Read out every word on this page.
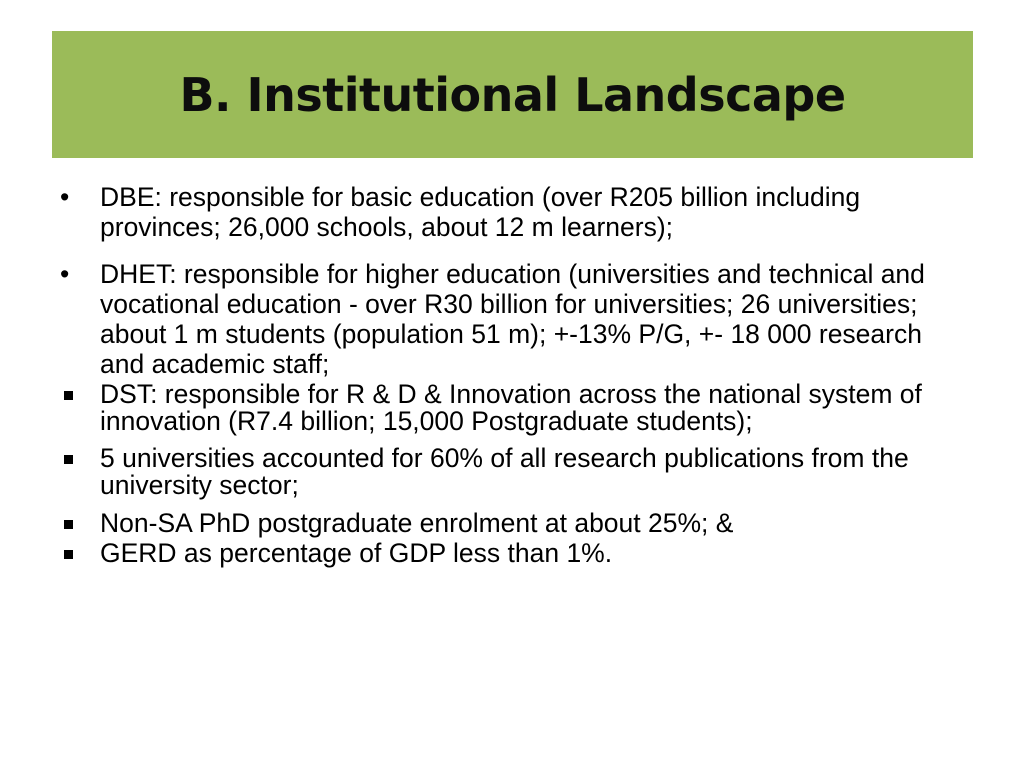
B. Institutional Landscape
•	DBE: responsible for basic education (over R205 billion including provinces; 26,000 schools, about 12 m learners);
•	DHET: responsible for higher education (universities and technical and vocational education - over R30 billion for universities; 26 universities; about 1 m students (population 51 m); +-13% P/G, +- 18 000 research and academic staff;
DST: responsible for R & D & Innovation across the national system of innovation (R7.4 billion; 15,000 Postgraduate students);
5 universities accounted for 60% of all research publications from the university sector;
Non-SA PhD postgraduate enrolment at about 25%; &
GERD as percentage of GDP less than 1%.
